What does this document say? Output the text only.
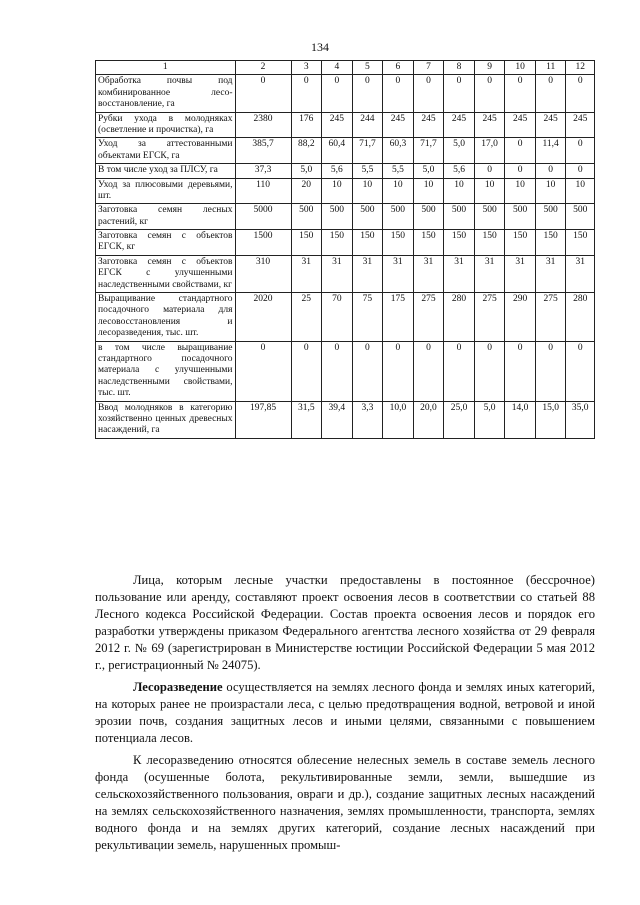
134
1	2	3	4	5	6	7	8	9	10	11	12
Обработка почвы под комбинированное лесовосстановление, га	0	0	0	0	0	0	0	0	0	0	0
Рубки ухода в молодняках (осветление и прочистка), га	2380	176	245	244	245	245	245	245	245	245	245
Уход за аттестованными объектами ЕГСК, га	385,7	88,2	60,4	71,7	60,3	71,7	5,0	17,0	0	11,4	0
В том числе уход за ПЛСУ, га	37,3	5,0	5,6	5,5	5,5	5,0	5,6	0	0	0	0
Уход за плюсовыми деревьями, шт.	110	20	10	10	10	10	10	10	10	10	10
Заготовка семян лесных растений, кг	5000	500	500	500	500	500	500	500	500	500	500
Заготовка семян с объектов ЕГСК, кг	1500	150	150	150	150	150	150	150	150	150	150
Заготовка семян с объектов ЕГСК с улучшенными наследственными свойствами, кг	310	31	31	31	31	31	31	31	31	31	31
Выращивание стандартного посадочного материала для лесовосстановления и лесоразведения, тыс. шт.	2020	25	70	75	175	275	280	275	290	275	280
в том числе выращивание стандартного посадочного материала с улучшенными наследственными свойствами, тыс. шт.	0	0	0	0	0	0	0	0	0	0	0
Ввод молодняков в категорию хозяйственно ценных древесных насаждений, га	197,85	31,5	39,4	3,3	10,0	20,0	25,0	5,0	14,0	15,0	35,0

Лица, которым лесные участки предоставлены в постоянное (бессрочное) пользование или аренду, составляют проект освоения лесов в соответствии со статьей 88 Лесного кодекса Российской Федерации. Состав проекта освоения лесов и порядок его разработки утверждены приказом Федерального агентства лесного хозяйства от 29 февраля 2012 г. № 69 (зарегистрирован в Министерстве юстиции Российской Федерации 5 мая 2012 г., регистрационный № 24075).

Лесоразведение осуществляется на землях лесного фонда и землях иных категорий, на которых ранее не произрастали леса, с целью предотвращения водной, ветровой и иной эрозии почв, создания защитных лесов и иными целями, связанными с повышением потенциала лесов.

К лесоразведению относятся облесение нелесных земель в составе земель лесного фонда (осушенные болота, рекультивированные земли, земли, вышедшие из сельскохозяйственного пользования, овраги и др.), создание защитных лесных насаждений на землях сельскохозяйственного назначения, землях промышленности, транспорта, землях водного фонда и на землях других категорий, создание лесных насаждений при рекультивации земель, нарушенных промыш-
